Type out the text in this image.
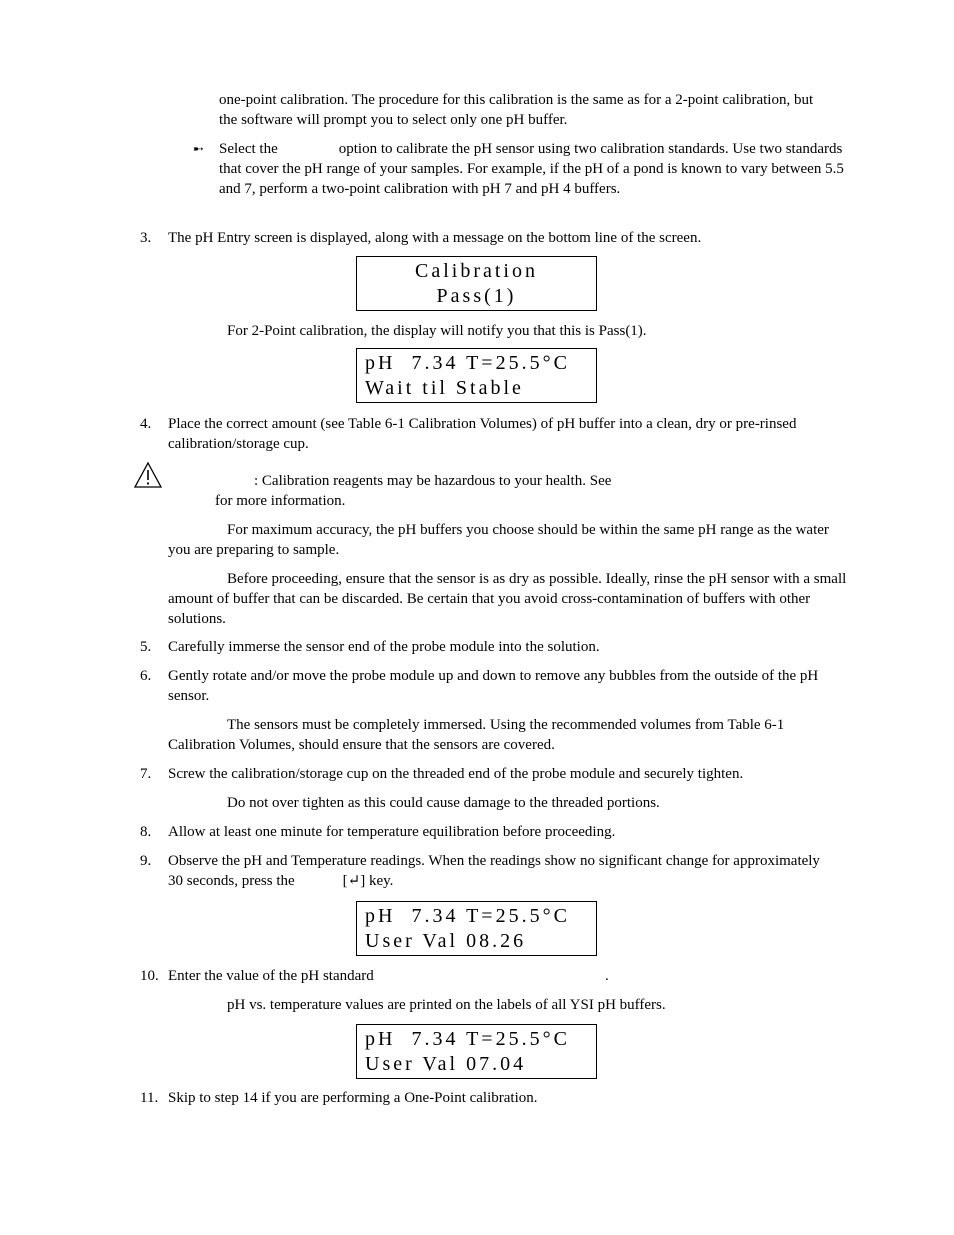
one-point calibration. The procedure for this calibration is the same as for a 2-point calibration, but the software will prompt you to select only one pH buffer.

➸ Select the	option to calibrate the pH sensor using two calibration standards. Use two standards that cover the pH range of your samples. For example, if the pH of a pond is known to vary between 5.5 and 7, perform a two-point calibration with pH 7 and pH 4 buffers.
3.	The pH Entry screen is displayed, along with a message on the bottom line of the screen.

Calibration
Pass(1)

For 2-Point calibration, the display will notify you that this is Pass(1).

pH  7.34 T=25.5°C
Wait til Stable
4.	Place the correct amount (see Table 6-1 Calibration Volumes) of pH buffer into a clean, dry or pre-rinsed calibration/storage cup.

: Calibration reagents may be hazardous to your health. See

for more information.

For maximum accuracy, the pH buffers you choose should be within the same pH range as the water you are preparing to sample.

Before proceeding, ensure that the sensor is as dry as possible. Ideally, rinse the pH sensor with a small amount of buffer that can be discarded. Be certain that you avoid cross-contamination of buffers with other solutions.

5.	Carefully immerse the sensor end of the probe module into the solution.

6.	Gently rotate and/or move the probe module up and down to remove any bubbles from the outside of the pH sensor.

The sensors must be completely immersed. Using the recommended volumes from Table 6-1 Calibration Volumes, should ensure that the sensors are covered.

7.	Screw the calibration/storage cup on the threaded end of the probe module and securely tighten.

Do not over tighten as this could cause damage to the threaded portions.

8.	Allow at least one minute for temperature equilibration before proceeding.

9.	Observe the pH and Temperature readings. When the readings show no significant change for approximately 30 seconds, press the	[↵] key.
pH  7.34 T=25.5°C
User Val 08.26
10. Enter the value of the pH standard	.

pH vs. temperature values are printed on the labels of all YSI pH buffers.

pH  7.34 T=25.5°C
User Val 07.04
11. Skip to step 14 if you are performing a One-Point calibration.
